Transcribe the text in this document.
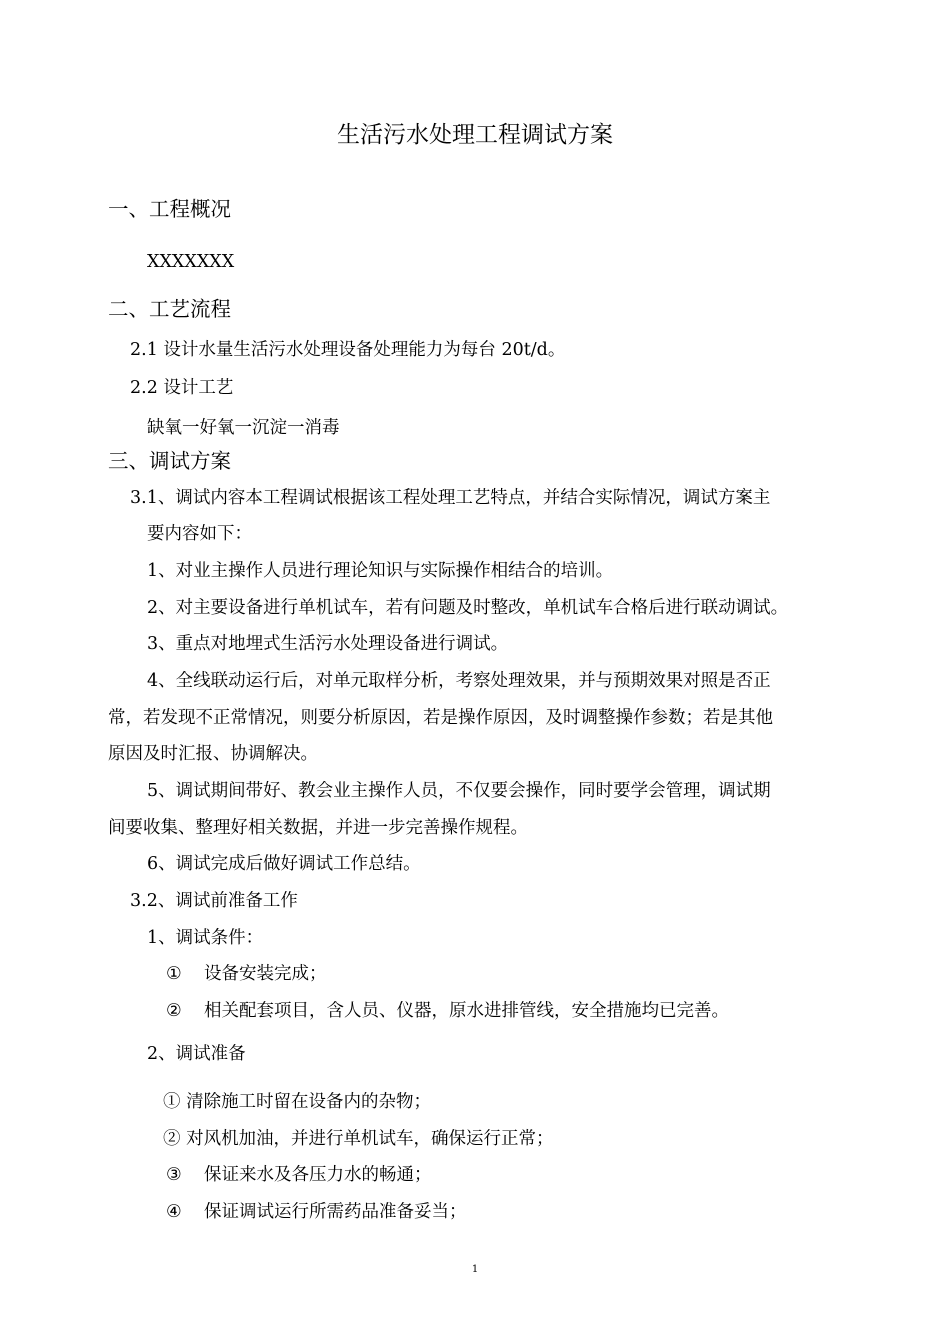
生活污水处理工程调试方案
一、工程概况
XXXXXXX
二、工艺流程
2.1 设计水量生活污水处理设备处理能力为每台 20t/d。
2.2 设计工艺
缺氧一好氧一沉淀一消毒
三、调试方案
3.1、调试内容本工程调试根据该工程处理工艺特点，并结合实际情况，调试方案主
要内容如下：
1、对业主操作人员进行理论知识与实际操作相结合的培训。
2、对主要设备进行单机试车，若有问题及时整改，单机试车合格后进行联动调试。
3、重点对地埋式生活污水处理设备进行调试。
4、全线联动运行后，对单元取样分析，考察处理效果，并与预期效果对照是否正
常，若发现不正常情况，则要分析原因，若是操作原因，及时调整操作参数；若是其他
原因及时汇报、协调解决。
5、调试期间带好、教会业主操作人员，不仅要会操作，同时要学会管理，调试期
间要收集、整理好相关数据，并进一步完善操作规程。
6、调试完成后做好调试工作总结。
3.2、调试前准备工作
1、调试条件：
① 设备安装完成；
② 相关配套项目，含人员、仪器，原水进排管线，安全措施均已完善。
2、调试准备
① 清除施工时留在设备内的杂物；
② 对风机加油，并进行单机试车，确保运行正常；
③ 保证来水及各压力水的畅通；
④ 保证调试运行所需药品准备妥当；
1
